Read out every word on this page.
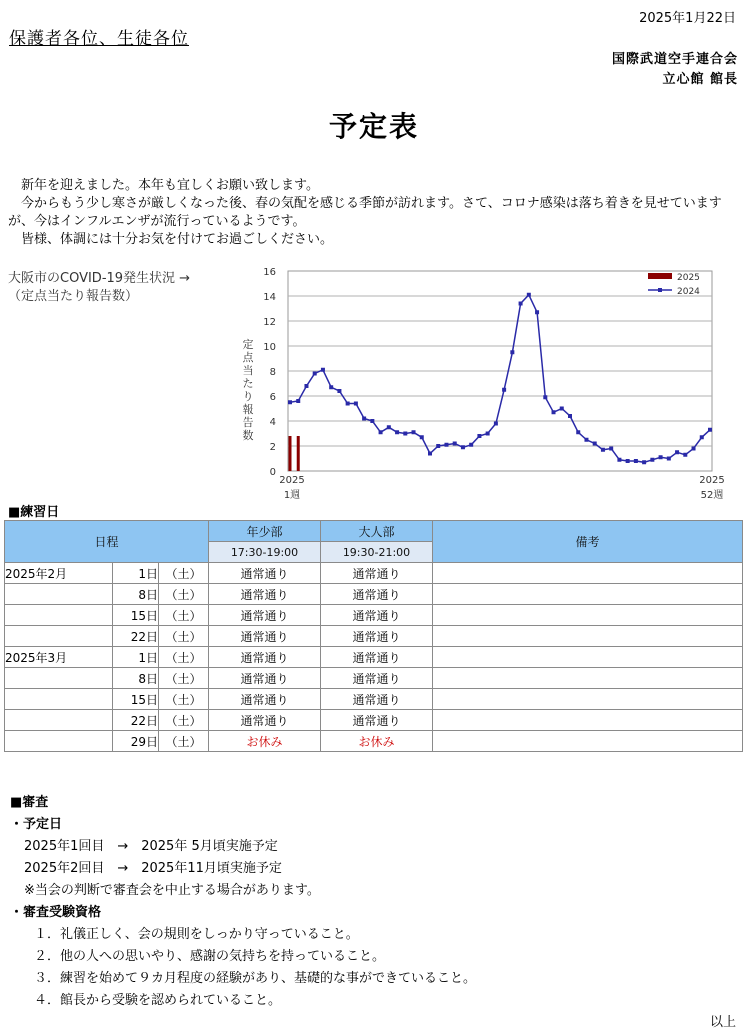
2025年1月22日
保護者各位、生徒各位
国際武道空手連合会
立心館 館長
予定表

新年を迎えました。本年も宜しくお願い致します。

今からもう少し寒さが厳しくなった後、春の気配を感じる季節が訪れます。さて、コロナ感染は落ち着きを見せていますが、今はインフルエンザが流行っているようです。

皆様、体調には十分お気を付けてお過ごしください。

大阪市のCOVID-19発生状況 →
（定点当たり報告数）
定点当たり報告数
0
2
4
6
8
10
12
14
16
2025
1週
2025
52週
2025
2024
■練習日
日程			年少部	大人部	備考
			17:30-19:00	19:30-21:00	
2025年2月	1日	（土）	通常通り	通常通り	
	8日	（土）	通常通り	通常通り	
	15日	（土）	通常通り	通常通り	
	22日	（土）	通常通り	通常通り	
2025年3月	1日	（土）	通常通り	通常通り	
	8日	（土）	通常通り	通常通り	
	15日	（土）	通常通り	通常通り	
	22日	（土）	通常通り	通常通り	
	29日	（土）	お休み	お休み	
■審査
・予定日
2025年1回目　→　2025年 5月頃実施予定
2025年2回目　→　2025年11月頃実施予定
※当会の判断で審査会を中止する場合があります。
・審査受験資格
１．礼儀正しく、会の規則をしっかり守っていること。
２．他の人への思いやり、感謝の気持ちを持っていること。
３．練習を始めて９カ月程度の経験があり、基礎的な事ができていること。
４．館長から受験を認められていること。
以上
